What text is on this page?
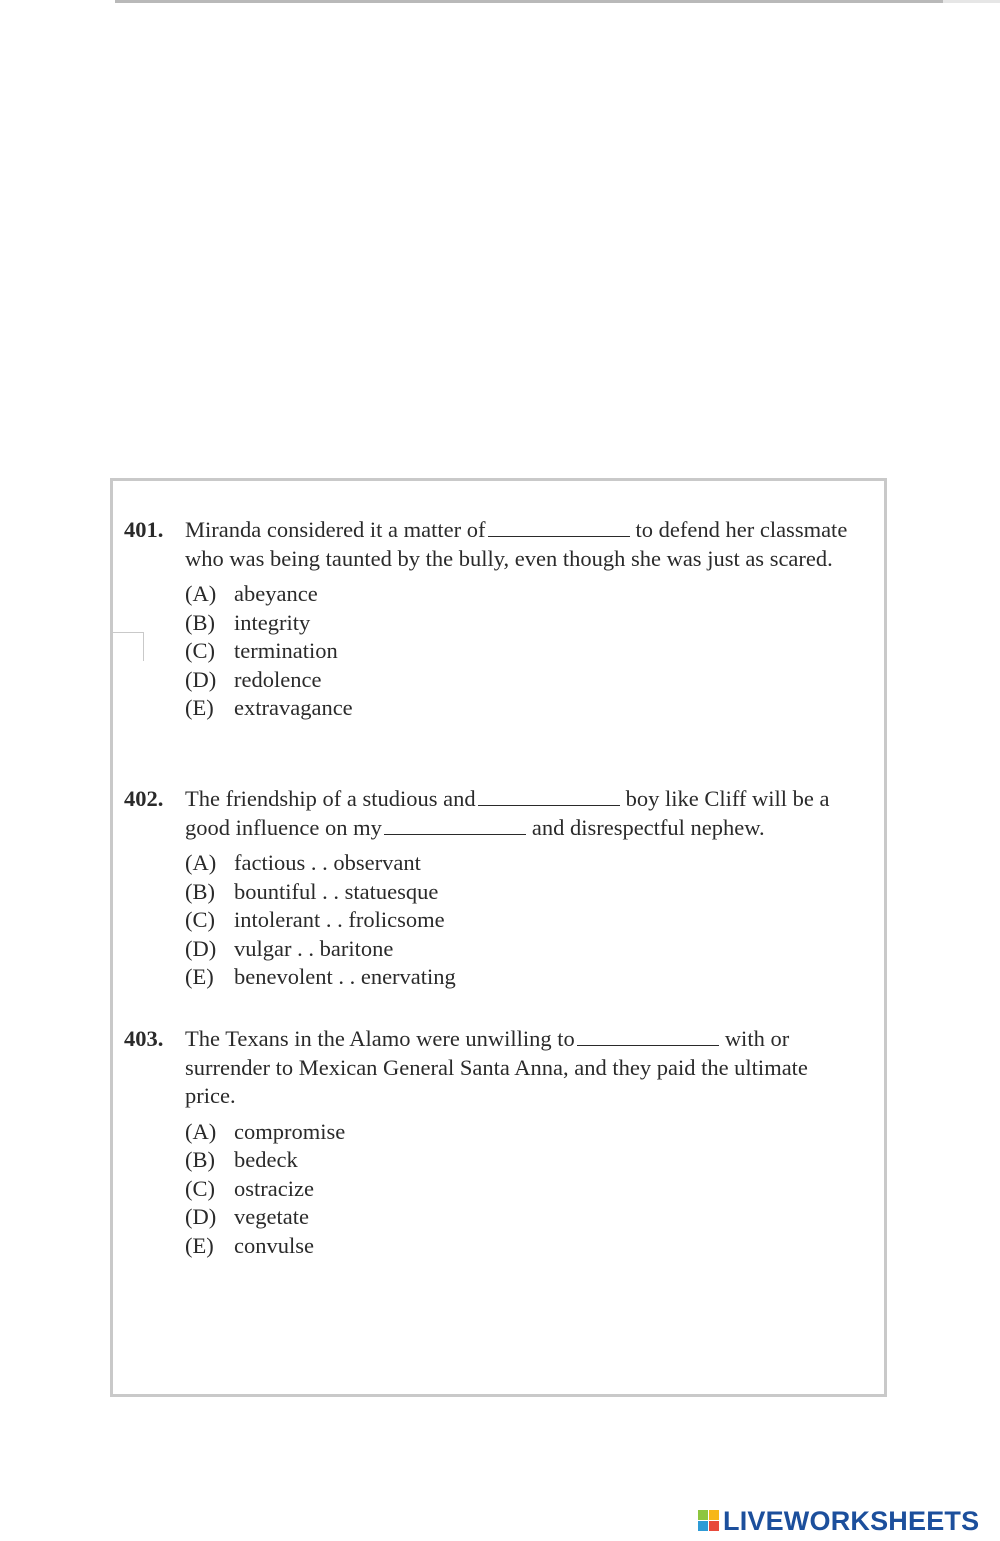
401. Miranda considered it a matter of	to defend her classmate who was being taunted by the bully, even though she was just as scared.
(A) abeyance
(B) integrity
(C) termination
(D) redolence
(E) extravagance
402. The friendship of a studious and	boy like Cliff will be a good influence on my	and disrespectful nephew.
(A) factious . . observant
(B) bountiful . . statuesque
(C) intolerant . . frolicsome
(D) vulgar . . baritone
(E) benevolent . . enervating
403. The Texans in the Alamo were unwilling to	with or surrender to Mexican General Santa Anna, and they paid the ultimate price.
(A) compromise
(B) bedeck
(C) ostracize
(D) vegetate
(E) convulse
LIVEWORKSHEETS
